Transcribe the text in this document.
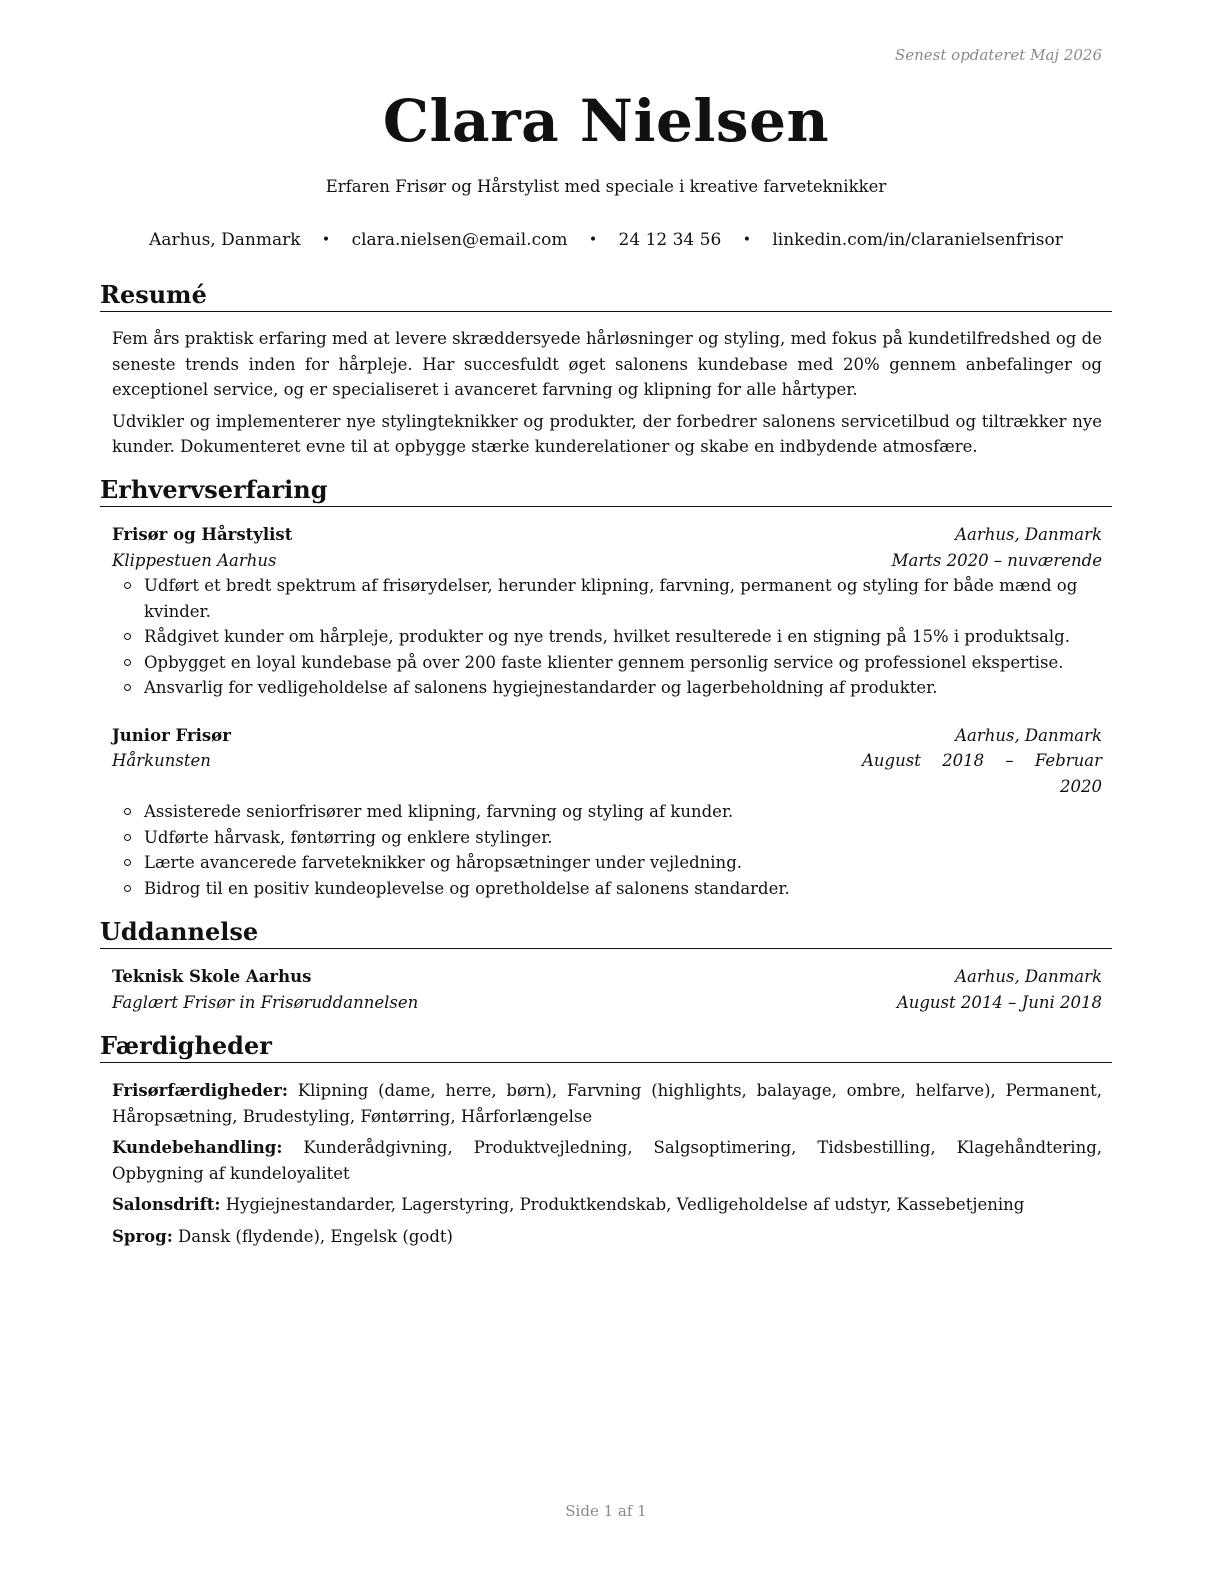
Senest opdateret Maj 2026
Clara Nielsen
Erfaren Frisør og Hårstylist med speciale i kreative farveteknikker
Aarhus, Danmark • clara.nielsen@email.com • 24 12 34 56 • linkedin.com/in/claranielsenfrisor
Resumé

Fem års praktisk erfaring med at levere skræddersyede hårløsninger og styling, med fokus på kundetilfredshed og de seneste trends inden for hårpleje. Har succesfuldt øget salonens kundebase med 20% gennem anbefalinger og exceptionel service, og er specialiseret i avanceret farvning og klipning for alle hårtyper.

Udvikler og implementerer nye stylingteknikker og produkter, der forbedrer salonens servicetilbud og tiltrækker nye kunder. Dokumenteret evne til at opbygge stærke kunderelationer og skabe en indbydende atmosfære.

Erhvervserfaring
Frisør og Hårstylist	Aarhus, Danmark
Klippestuen Aarhus	Marts 2020 – nuværende
Udført et bredt spektrum af frisørydelser, herunder klipning, farvning, permanent og styling for både mænd og kvinder.
Rådgivet kunder om hårpleje, produkter og nye trends, hvilket resulterede i en stigning på 15% i produktsalg.
Opbygget en loyal kundebase på over 200 faste klienter gennem personlig service og professionel ekspertise.
Ansvarlig for vedligeholdelse af salonens hygiejnestandarder og lagerbeholdning af produkter.
Junior Frisør	Aarhus, Danmark
Hårkunsten	August 2018 – Februar 2020
Assisterede seniorfrisører med klipning, farvning og styling af kunder.
Udførte hårvask, føntørring og enklere stylinger.
Lærte avancerede farveteknikker og håropsætninger under vejledning.
Bidrog til en positiv kundeoplevelse og opretholdelse af salonens standarder.
Uddannelse
Teknisk Skole Aarhus	Aarhus, Danmark
Faglært Frisør in Frisøruddannelsen	August 2014 – Juni 2018
Færdigheder

Frisørfærdigheder: Klipning (dame, herre, børn), Farvning (highlights, balayage, ombre, helfarve), Permanent, Håropsætning, Brudestyling, Føntørring, Hårforlængelse

Kundebehandling: Kunderådgivning, Produktvejledning, Salgsoptimering, Tidsbestilling, Klagehåndtering, Opbygning af kundeloyalitet

Salonsdrift: Hygiejnestandarder, Lagerstyring, Produktkendskab, Vedligeholdelse af udstyr, Kassebetjening

Sprog: Dansk (flydende), Engelsk (godt)

Side 1 af 1
